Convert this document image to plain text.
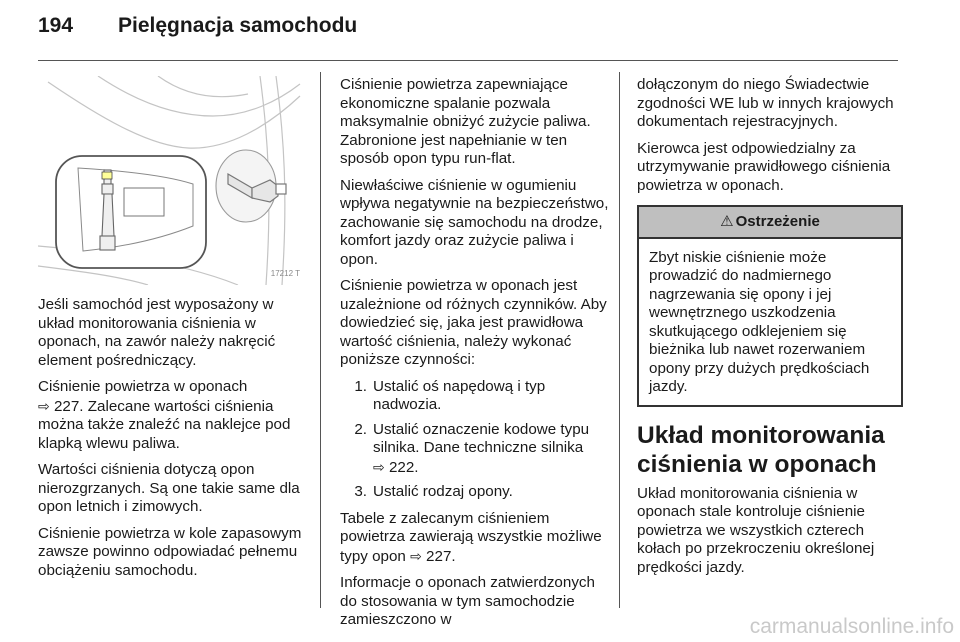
194 Pielęgnacja samochodu
17212 T

Jeśli samochód jest wyposażony w układ monitorowania ciśnienia w oponach, na zawór należy nakręcić element pośredniczący.

Ciśnienie powietrza w oponach
⇨ 227. Zalecane wartości ciśnienia można także znaleźć na naklejce pod klapką wlewu paliwa.

Wartości ciśnienia dotyczą opon nierozgrzanych. Są one takie same dla opon letnich i zimowych.

Ciśnienie powietrza w kole zapasowym zawsze powinno odpowiadać pełnemu obciążeniu samochodu.

Ciśnienie powietrza zapewniające ekonomiczne spalanie pozwala maksymalnie obniżyć zużycie paliwa. Zabronione jest napełnianie w ten sposób opon typu run-flat.

Niewłaściwe ciśnienie w ogumieniu wpływa negatywnie na bezpieczeństwo, zachowanie się samochodu na drodze, komfort jazdy oraz zużycie paliwa i opon.

Ciśnienie powietrza w oponach jest uzależnione od różnych czynników. Aby dowiedzieć się, jaka jest prawidłowa wartość ciśnienia, należy wykonać poniższe czynności:

1. Ustalić oś napędową i typ nadwozia.
2. Ustalić oznaczenie kodowe typu silnika. Dane techniczne silnika
⇨ 222.
3. Ustalić rodzaj opony.

Tabele z zalecanym ciśnieniem powietrza zawierają wszystkie możliwe typy opon ⇨ 227.

Informacje o oponach zatwierdzonych do stosowania w tym samochodzie zamieszczono w

dołączonym do niego Świadectwie zgodności WE lub w innych krajowych dokumentach rejestracyjnych.

Kierowca jest odpowiedzialny za utrzymywanie prawidłowego ciśnienia powietrza w oponach.

⚠ Ostrzeżenie
Zbyt niskie ciśnienie może prowadzić do nadmiernego nagrzewania się opony i jej wewnętrznego uszkodzenia skutkującego odklejeniem się bieżnika lub nawet rozerwaniem opony przy dużych prędkościach jazdy.
Układ monitorowania ciśnienia w oponach

Układ monitorowania ciśnienia w oponach stale kontroluje ciśnienie powietrza we wszystkich czterech kołach po przekroczeniu określonej prędkości jazdy.

carmanualsonline.info
